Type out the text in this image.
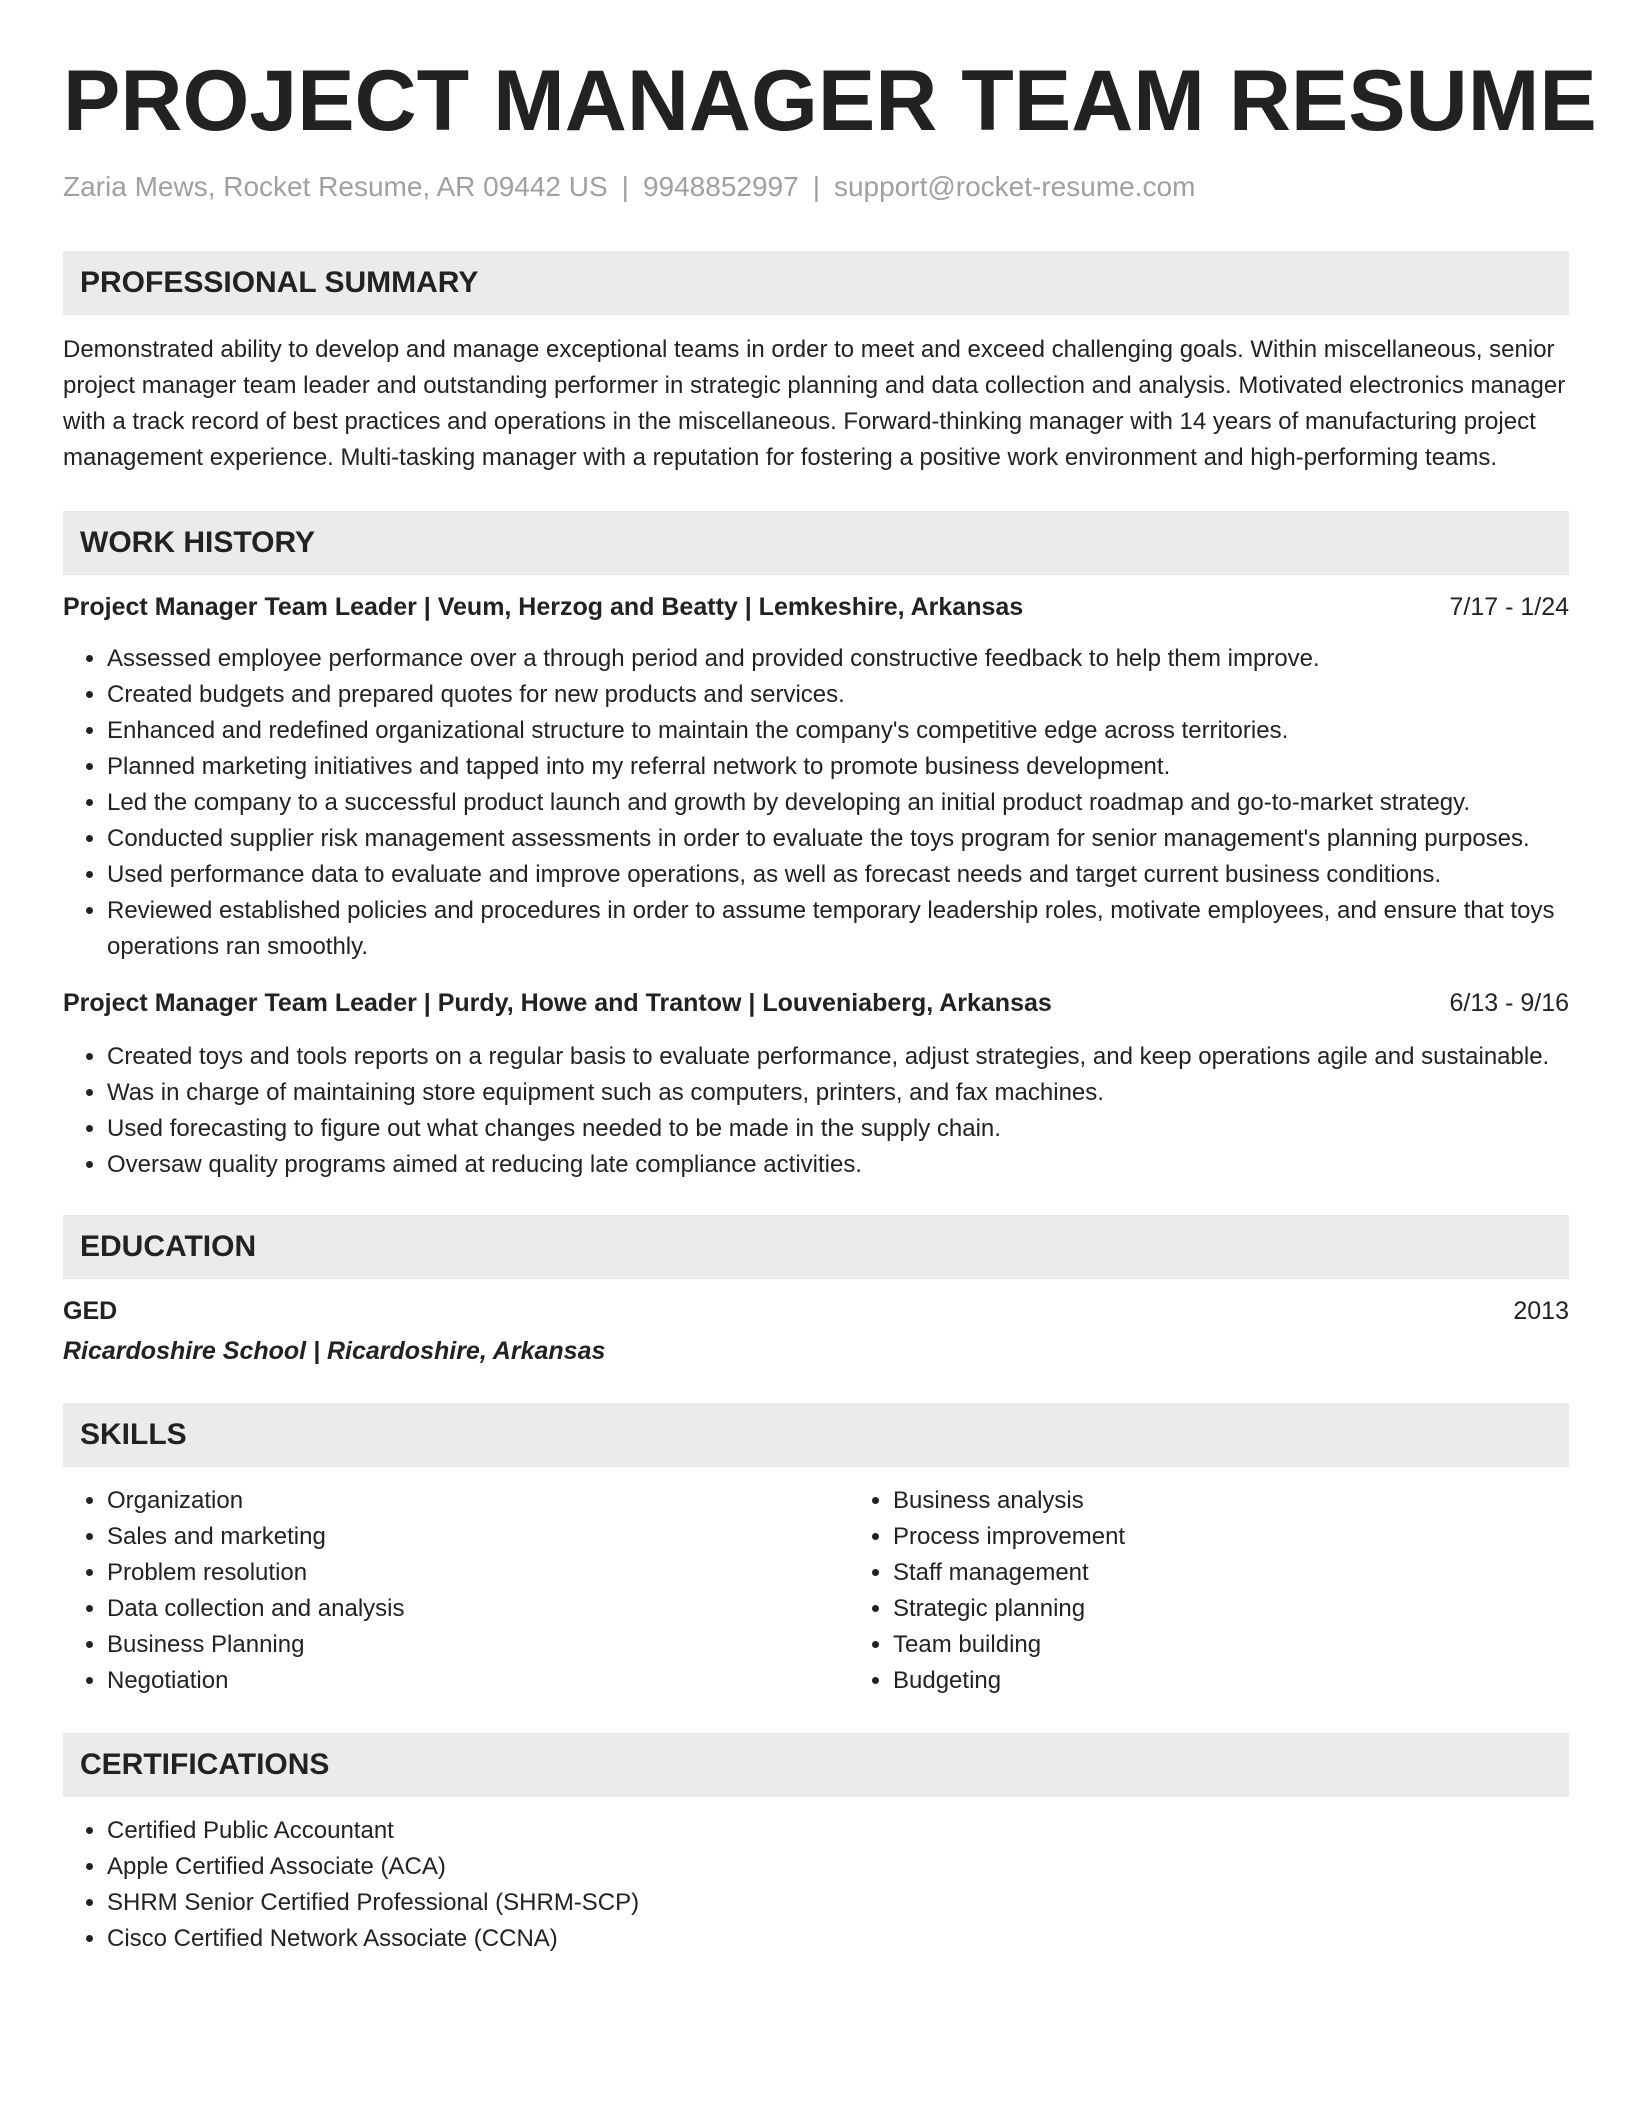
PROJECT MANAGER TEAM RESUME
Zaria Mews, Rocket Resume, AR 09442 US | 9948852997 | support@rocket-resume.com
PROFESSIONAL SUMMARY
Demonstrated ability to develop and manage exceptional teams in order to meet and exceed challenging goals. Within miscellaneous, senior project manager team leader and outstanding performer in strategic planning and data collection and analysis. Motivated electronics manager with a track record of best practices and operations in the miscellaneous. Forward-thinking manager with 14 years of manufacturing project management experience. Multi-tasking manager with a reputation for fostering a positive work environment and high-performing teams.
WORK HISTORY
Project Manager Team Leader | Veum, Herzog and Beatty | Lemkeshire, Arkansas	7/17 - 1/24
• Assessed employee performance over a through period and provided constructive feedback to help them improve.
• Created budgets and prepared quotes for new products and services.
• Enhanced and redefined organizational structure to maintain the company's competitive edge across territories.
• Planned marketing initiatives and tapped into my referral network to promote business development.
• Led the company to a successful product launch and growth by developing an initial product roadmap and go-to-market strategy.
• Conducted supplier risk management assessments in order to evaluate the toys program for senior management's planning purposes.
• Used performance data to evaluate and improve operations, as well as forecast needs and target current business conditions.
• Reviewed established policies and procedures in order to assume temporary leadership roles, motivate employees, and ensure that toys operations ran smoothly.
Project Manager Team Leader | Purdy, Howe and Trantow | Louveniaberg, Arkansas	6/13 - 9/16
• Created toys and tools reports on a regular basis to evaluate performance, adjust strategies, and keep operations agile and sustainable.
• Was in charge of maintaining store equipment such as computers, printers, and fax machines.
• Used forecasting to figure out what changes needed to be made in the supply chain.
• Oversaw quality programs aimed at reducing late compliance activities.
EDUCATION
GED	2013
Ricardoshire School | Ricardoshire, Arkansas
SKILLS
• Organization
• Sales and marketing
• Problem resolution
• Data collection and analysis
• Business Planning
• Negotiation
• Business analysis
• Process improvement
• Staff management
• Strategic planning
• Team building
• Budgeting
CERTIFICATIONS
• Certified Public Accountant
• Apple Certified Associate (ACA)
• SHRM Senior Certified Professional (SHRM-SCP)
• Cisco Certified Network Associate (CCNA)
